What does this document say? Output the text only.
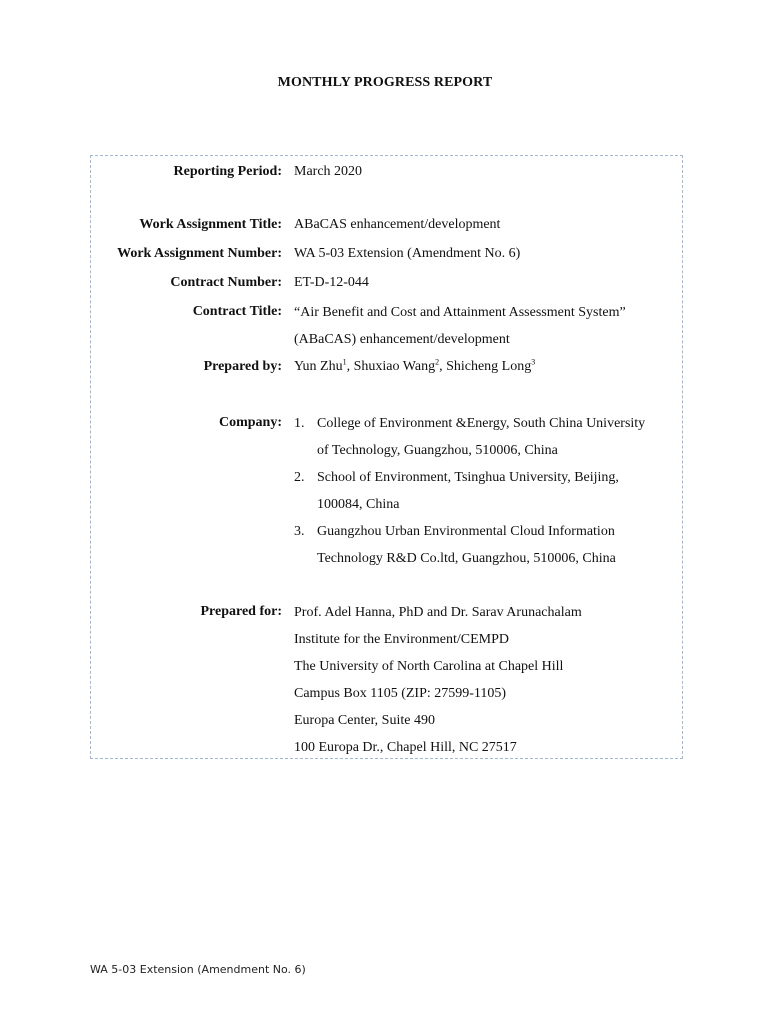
MONTHLY PROGRESS REPORT
Reporting Period: March 2020
Work Assignment Title: ABaCAS enhancement/development
Work Assignment Number: WA 5-03 Extension (Amendment No. 6)
Contract Number: ET-D-12-044
Contract Title: “Air Benefit and Cost and Attainment Assessment System”
(ABaCAS) enhancement/development
Prepared by: Yun Zhu$^1$, Shuxiao Wang$^2$, Shicheng Long$^3$
Company: 1. College of Environment &Energy, South China University
of Technology, Guangzhou, 510006, China
2. School of Environment, Tsinghua University, Beijing,
100084, China
3. Guangzhou Urban Environmental Cloud Information
Technology R&D Co.ltd, Guangzhou, 510006, China
Prepared for: Prof. Adel Hanna, PhD and Dr. Sarav Arunachalam
Institute for the Environment/CEMPD
The University of North Carolina at Chapel Hill
Campus Box 1105 (ZIP: 27599-1105)
Europa Center, Suite 490
100 Europa Dr., Chapel Hill, NC 27517
WA 5-03 Extension (Amendment No. 6)
